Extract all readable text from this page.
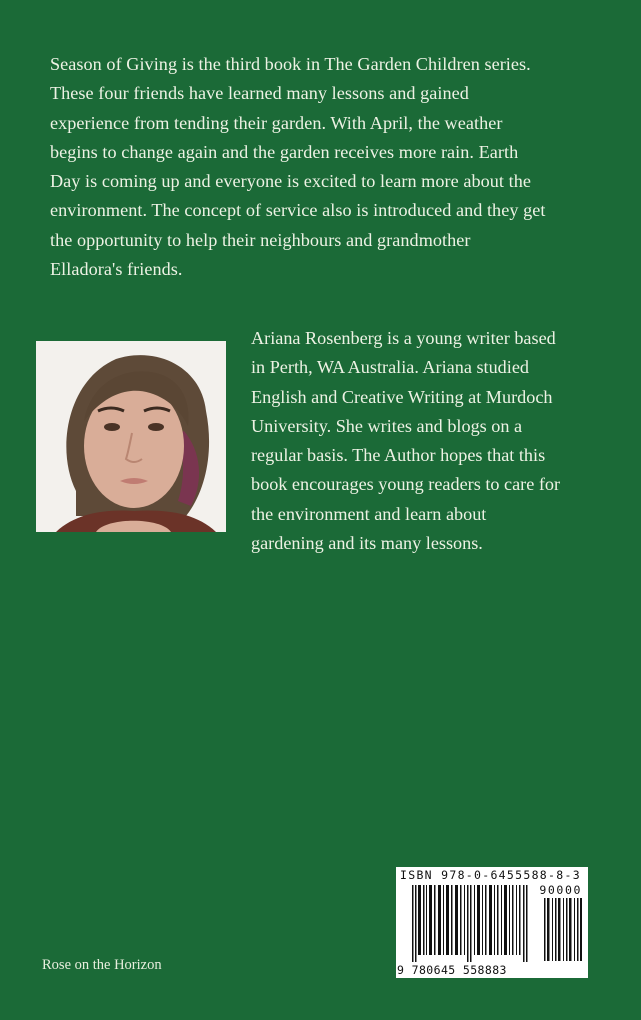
Season of Giving is the third book in The Garden Children series.
These four friends have learned many lessons and gained
experience from tending their garden. With April, the weather
begins to change again and the garden receives more rain. Earth
Day is coming up and everyone is excited to learn more about the
environment. The concept of service also is introduced and they get
the opportunity to help their neighbours and grandmother
Elladora's friends.
Ariana Rosenberg is a young writer based
in Perth, WA Australia. Ariana studied
English and Creative Writing at Murdoch
University. She writes and blogs on a
regular basis. The Author hopes that this
book encourages young readers to care for
the environment and learn about
gardening and its many lessons.
Rose on the Horizon
ISBN 978-0-6455588-8-3
90000
9 780645 558883
